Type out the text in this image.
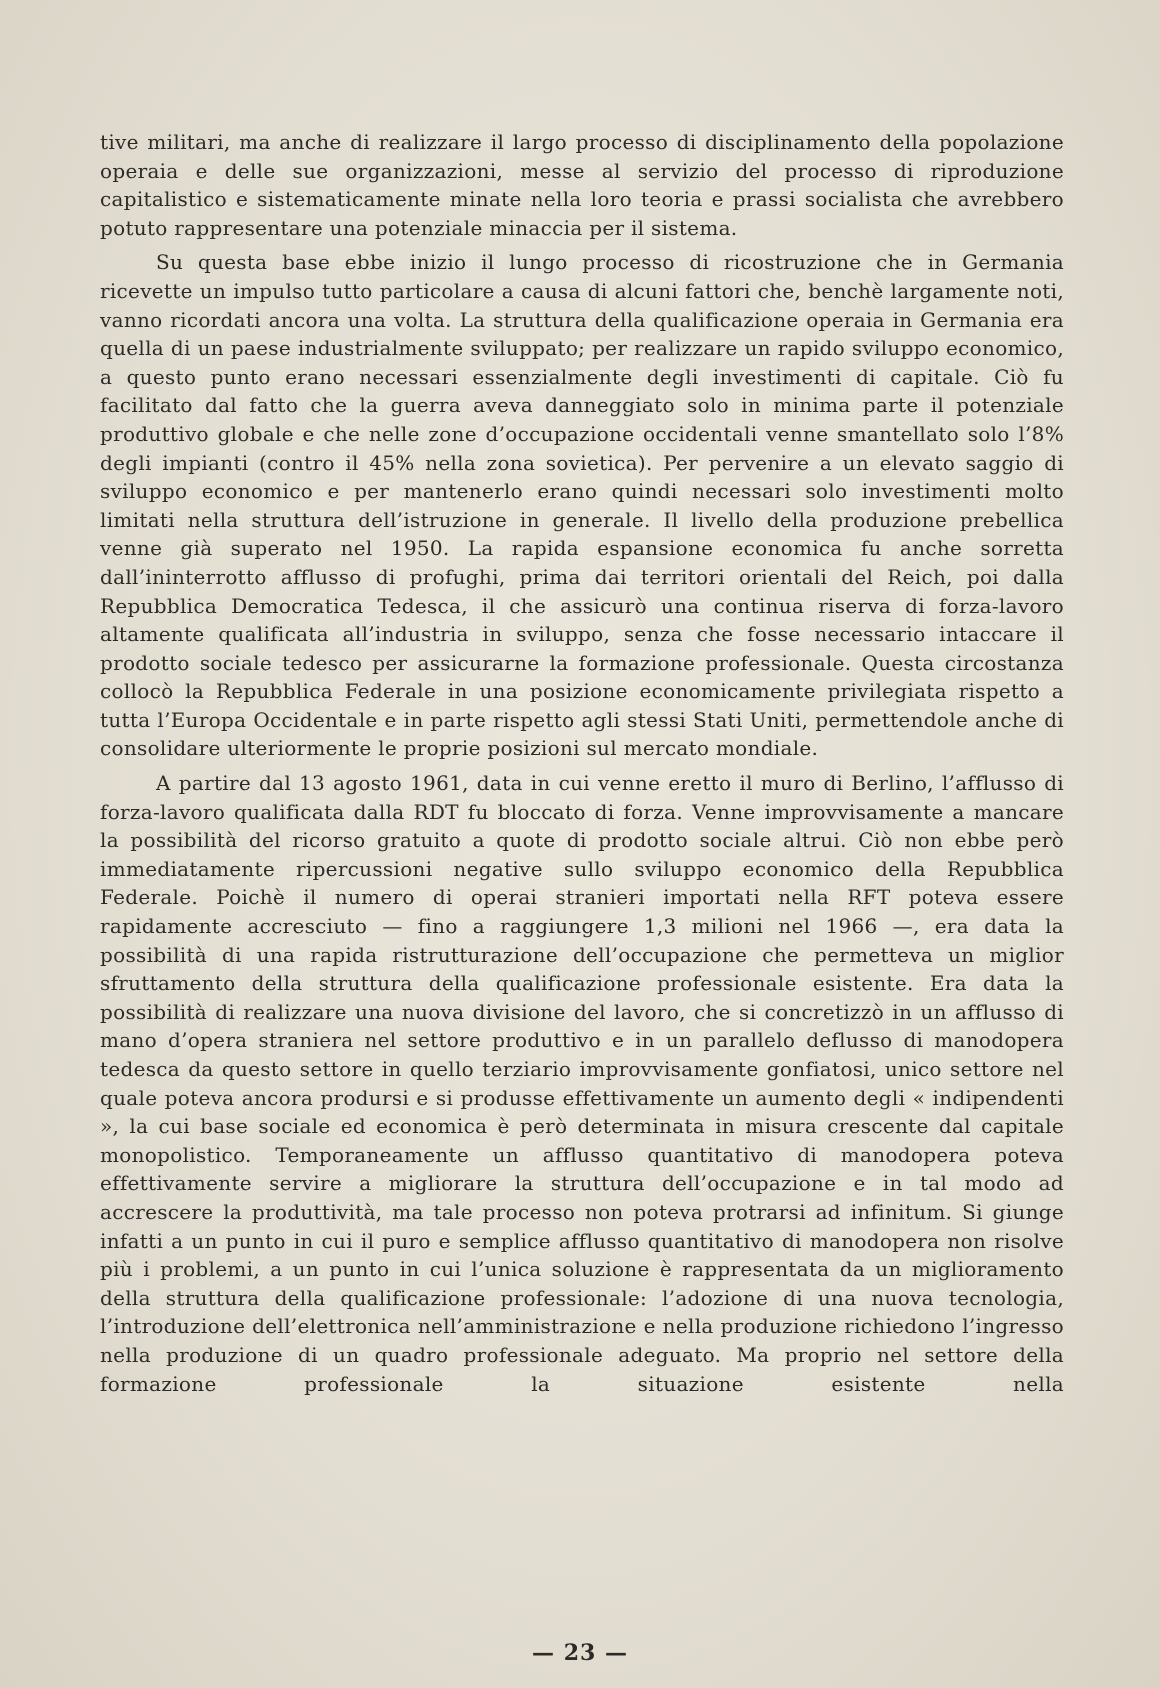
tive militari, ma anche di realizzare il largo processo di disciplinamento della popolazione operaia e delle sue organizzazioni, messe al servizio del processo di riproduzione capitalistico e sistematicamente minate nella loro teoria e prassi socialista che avrebbero potuto rappresentare una potenziale minaccia per il sistema.

Su questa base ebbe inizio il lungo processo di ricostruzione che in Germania ricevette un impulso tutto particolare a causa di alcuni fattori che, benchè largamente noti, vanno ricordati ancora una volta. La struttura della qualificazione operaia in Germania era quella di un paese industrialmente sviluppato; per realizzare un rapido sviluppo economico, a questo punto erano necessari essenzialmente degli investimenti di capitale. Ciò fu facilitato dal fatto che la guerra aveva danneggiato solo in minima parte il potenziale produttivo globale e che nelle zone d’occupazione occidentali venne smantellato solo l’8% degli impianti (contro il 45% nella zona sovietica). Per pervenire a un elevato saggio di sviluppo economico e per mantenerlo erano quindi necessari solo investimenti molto limitati nella struttura dell’istruzione in generale. Il livello della produzione prebellica venne già superato nel 1950. La rapida espansione economica fu anche sorretta dall’ininterrotto afflusso di profughi, prima dai territori orientali del Reich, poi dalla Repubblica Democratica Tedesca, il che assicurò una continua riserva di forza-lavoro altamente qualificata all’industria in sviluppo, senza che fosse necessario intaccare il prodotto sociale tedesco per assicurarne la formazione professionale. Questa circostanza collocò la Repubblica Federale in una posizione economicamente privilegiata rispetto a tutta l’Europa Occidentale e in parte rispetto agli stessi Stati Uniti, permettendole anche di consolidare ulteriormente le proprie posizioni sul mercato mondiale.

A partire dal 13 agosto 1961, data in cui venne eretto il muro di Berlino, l’afflusso di forza-lavoro qualificata dalla RDT fu bloccato di forza. Venne improvvisamente a mancare la possibilità del ricorso gratuito a quote di prodotto sociale altrui. Ciò non ebbe però immediatamente ripercussioni negative sullo sviluppo economico della Repubblica Federale. Poichè il numero di operai stranieri importati nella RFT poteva essere rapidamente accresciuto — fino a raggiungere 1,3 milioni nel 1966 —, era data la possibilità di una rapida ristrutturazione dell’occupazione che permetteva un miglior sfruttamento della struttura della qualificazione professionale esistente. Era data la possibilità di realizzare una nuova divisione del lavoro, che si concretizzò in un afflusso di mano d’opera straniera nel settore produttivo e in un parallelo deflusso di manodopera tedesca da questo settore in quello terziario improvvisamente gonfiatosi, unico settore nel quale poteva ancora prodursi e si produsse effettivamente un aumento degli « indipendenti », la cui base sociale ed economica è però determinata in misura crescente dal capitale monopolistico. Temporaneamente un afflusso quantitativo di manodopera poteva effettivamente servire a migliorare la struttura dell’occupazione e in tal modo ad accrescere la produttività, ma tale processo non poteva protrarsi ad infinitum. Si giunge infatti a un punto in cui il puro e semplice afflusso quantitativo di manodopera non risolve più i problemi, a un punto in cui l’unica soluzione è rappresentata da un miglioramento della struttura della qualificazione professionale: l’adozione di una nuova tecnologia, l’introduzione dell’elettronica nell’amministrazione e nella produzione richiedono l’ingresso nella produzione di un quadro professionale adeguato. Ma proprio nel settore della formazione professionale la situazione esistente nella

— 23 —
